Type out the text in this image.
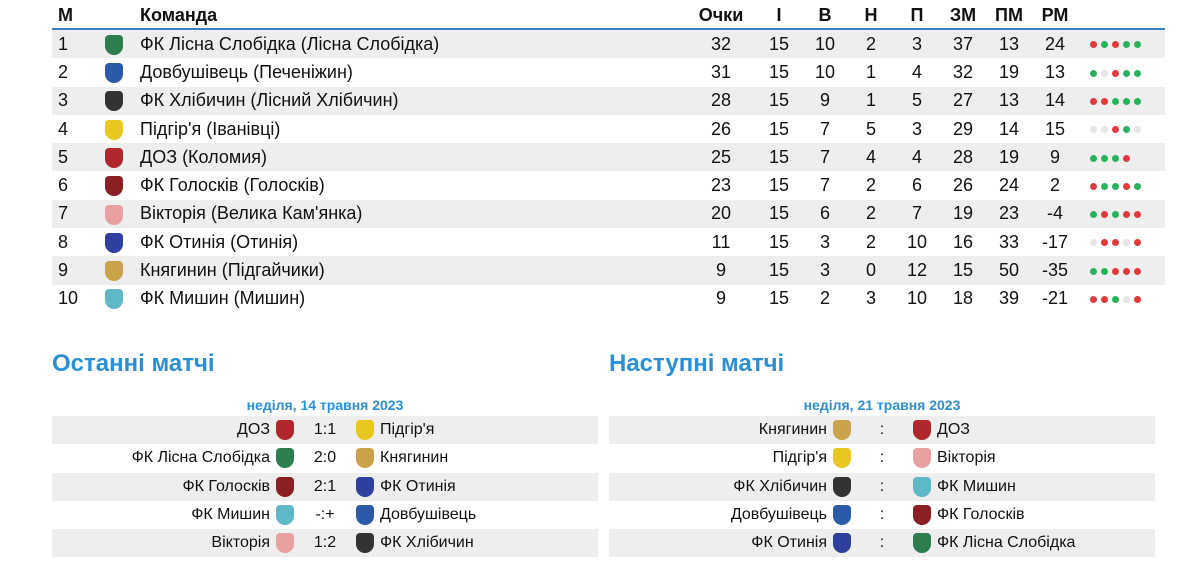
М		Команда	Очки	І	В	Н	П	ЗМ	ПМ	РМ	
1		ФК Лісна Слобідка (Лісна Слобідка)	32	15	10	2	3	37	13	24	
2		Довбушівець (Печеніжин)	31	15	10	1	4	32	19	13	
3		ФК Хлібичин (Лісний Хлібичин)	28	15	9	1	5	27	13	14	
4		Підгір'я (Іванівці)	26	15	7	5	3	29	14	15	
5		ДОЗ (Коломия)	25	15	7	4	4	28	19	9	
6		ФК Голосків (Голосків)	23	15	7	2	6	26	24	2	
7		Вікторія (Велика Кам'янка)	20	15	6	2	7	19	23	-4	
8		ФК Отинія (Отинія)	11	15	3	2	10	16	33	-17	
9		Княгинин (Підгайчики)	9	15	3	0	12	15	50	-35	
10		ФК Мишин (Мишин)	9	15	2	3	10	18	39	-21	
Останні матчі	Наступні матчі
неділя, 14 травня 2023
ДОЗ	1:1	Підгір'я
ФК Лісна Слобідка	2:0	Княгинин
ФК Голосків	2:1	ФК Отинія
ФК Мишин	-:+	Довбушівець
Вікторія	1:2	ФК Хлібичин
неділя, 21 травня 2023
Княгинин	:	ДОЗ
Підгір'я	:	Вікторія
ФК Хлібичин	:	ФК Мишин
Довбушівець	:	ФК Голосків
ФК Отинія	:	ФК Лісна Слобідка
